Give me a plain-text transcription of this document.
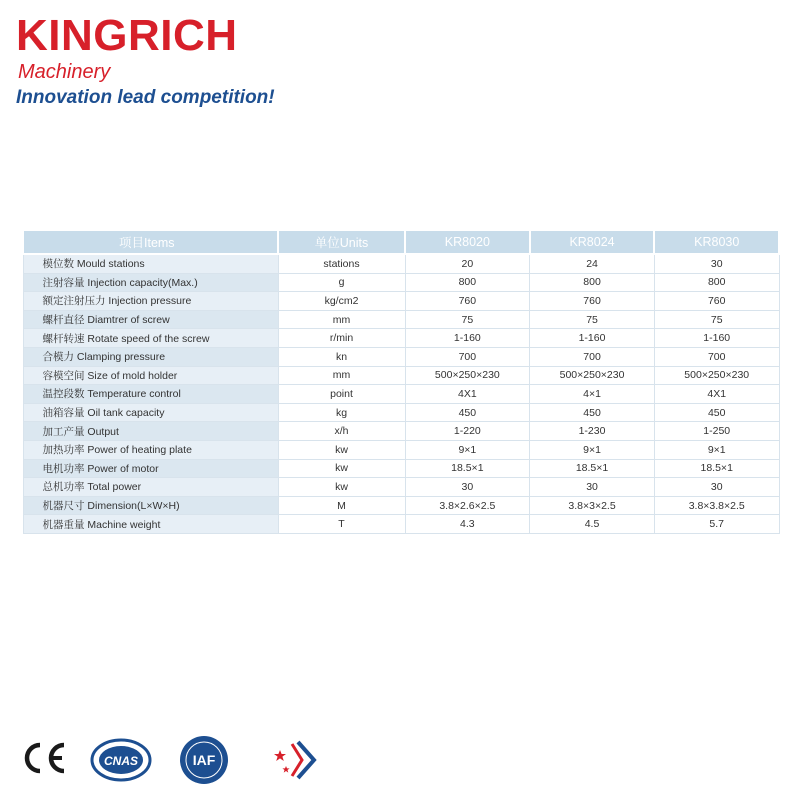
KINGRICH
Machinery
Innovation lead competition!
项目Items	单位Units	KR8020	KR8024	KR8030
模位数 Mould stations	stations	20	24	30
注射容量 Injection capacity(Max.)	g	800	800	800
额定注射压力 Injection pressure	kg/cm2	760	760	760
螺杆直径 Diamtrer of screw	mm	75	75	75
螺杆转速 Rotate speed of the screw	r/min	1-160	1-160	1-160
合模力 Clamping pressure	kn	700	700	700
容模空间 Size of mold holder	mm	500×250×230	500×250×230	500×250×230
温控段数 Temperature control	point	4X1	4×1	4X1
油箱容量 Oil tank capacity	kg	450	450	450
加工产量 Output	x/h	1-220	1-230	1-250
加热功率 Power of heating plate	kw	9×1	9×1	9×1
电机功率 Power of motor	kw	18.5×1	18.5×1	18.5×1
总机功率 Total power	kw	30	30	30
机器尺寸 Dimension(L×W×H)	M	3.8×2.6×2.5	3.8×3×2.5	3.8×3.8×2.5
机器重量 Machine weight	T	4.3	4.5	5.7
CNAS	IAF
